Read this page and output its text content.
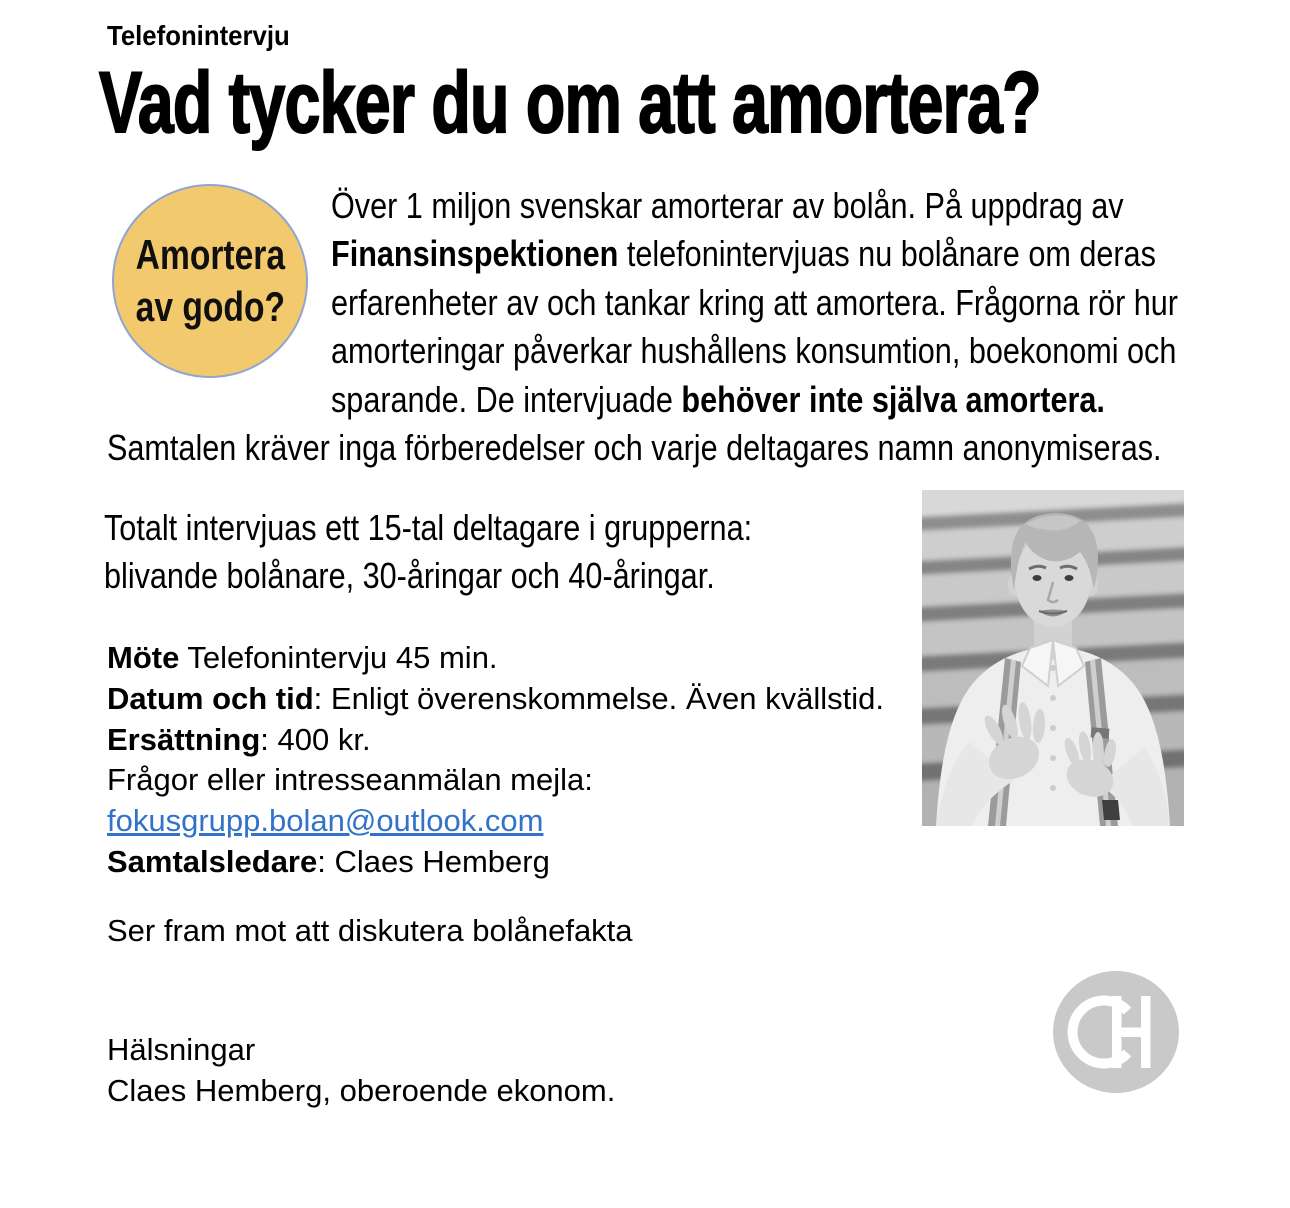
Telefonintervju
Vad tycker du om att amortera?
Amortera
av godo?
Över 1 miljon svenskar amorterar av bolån. På uppdrag av
Finansinspektionen telefonintervjuas nu bolånare om deras
erfarenheter av och tankar kring att amortera. Frågorna rör hur
amorteringar påverkar hushållens konsumtion, boekonomi och
sparande. De intervjuade behöver inte själva amortera.
Samtalen kräver inga förberedelser och varje deltagares namn anonymiseras.
Totalt intervjuas ett 15-tal deltagare i grupperna:
blivande bolånare, 30-åringar och 40-åringar.
Möte Telefonintervju 45 min.
Datum och tid: Enligt överenskommelse. Även kvällstid.
Ersättning: 400 kr.
Frågor eller intresseanmälan mejla:
fokusgrupp.bolan@outlook.com
Samtalsledare: Claes Hemberg
Ser fram mot att diskutera bolånefakta
Hälsningar
Claes Hemberg, oberoende ekonom.
